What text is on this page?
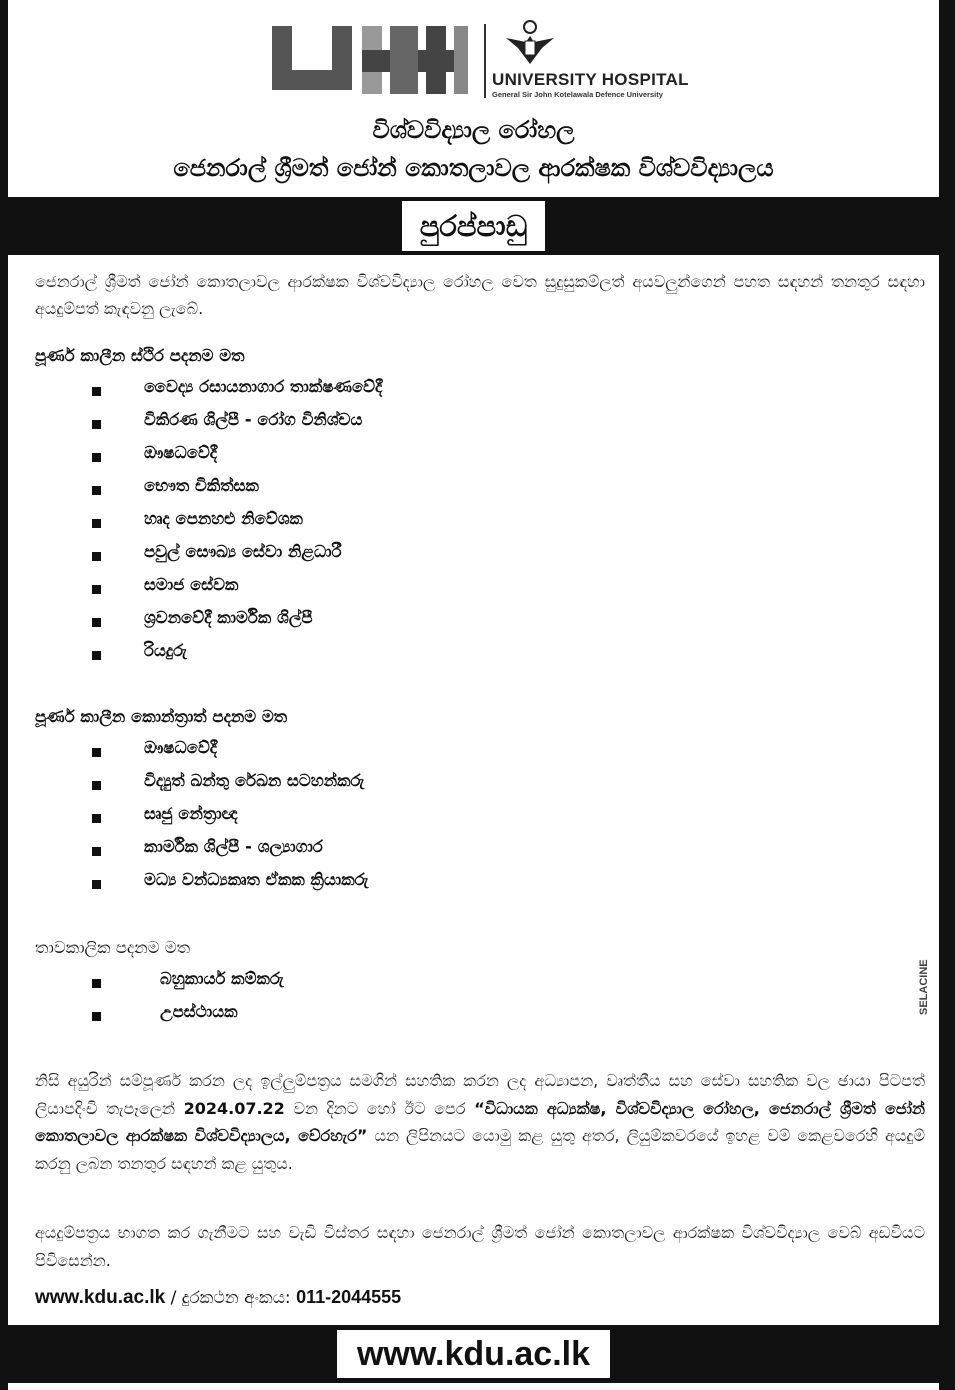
UNIVERSITY HOSPITAL
General Sir John Kotelawala Defence University
විශ්වවිද්‍යාල රෝහල
ජෙනරාල් ශ්‍රීමත් ජෝන් කොතලාවල ආරක්ෂක විශ්වවිද්‍යාලය
පුරප්පාඩු
ජෙනරාල් ශ්‍රීමත් ජෝන් කොතලාවල ආරක්ෂක විශ්වවිද්‍යාල රෝහල වෙත සුදුසුකම්ලත් අයවලුන්ගෙන් පහත සඳහන් තනතුර සඳහා අයදුම්පත් කැඳවනු ලැබේ.
පූර්ණ කාලීන ස්ථිර පදනම මත
වෛද්‍ය රසායනාගාර තාක්ෂණවේදී
විකිරණ ශිල්පී - රෝග විනිශ්චය
ඖෂධවේදී
භෞත චිකිත්සක
හෘද පෙනහළු නිවේශක
පවුල් සෞඛ්‍ය සේවා නිළධාරී
සමාජ සේවක
ශ්‍රවනවේදී කාර්මික ශිල්පී
රියදුරු
පූර්ණ කාලීන කොන්ත්‍රාත් පදනම මත
ඖෂධවේදී
විද්‍යුත් ඛන්තු රේඛන සටහන්කරු
සෘජු නේත්‍රාඥ
කාර්මික ශිල්පී - ශල්‍යාගාර
මධ්‍ය වන්ධ්‍යකෘත ඒකක ක්‍රියාකරු
තාවකාලික පදනම මත
බහුකාර්ය කම්කරු
උපස්ථායක	SELACINE
නිසි අයුරින් සම්පූර්ණ කරන ලද ඉල්ලුම්පත්‍රය සමගින් සහතික කරන ලද අධ්‍යාපන, වෘත්තීය සහ සේවා සහතික වල ඡායා පිටපත් ලියාපදිංචි තැපෑලෙන් 2024.07.22 වන දිනට හෝ ඊට පෙර “විධායක අධ්‍යක්ෂ, විශ්වවිද්‍යාල රෝහල, ජෙනරාල් ශ්‍රීමත් ජෝන් කොතලාවල ආරක්ෂක විශ්වවිද්‍යාලය, වේරහැර” යන ලිපිනයට යොමු කළ යුතු අතර, ලියුම්කවරයේ ඉහළ වම් කෙළවරෙහි අයදුම් කරනු ලබන තනතුර සඳහන් කළ යුතුය.
අයදුම්පත්‍රය භාගත කර ගැනීමට සහ වැඩි විස්තර සඳහා ජෙනරාල් ශ්‍රීමත් ජෝන් කොතලාවල ආරක්ෂක විශ්වවිද්‍යාල වෙබ් අඩවියට පිවිසෙන්න.
www.kdu.ac.lk / දුරකථන අංකය: 011-2044555
www.kdu.ac.lk
